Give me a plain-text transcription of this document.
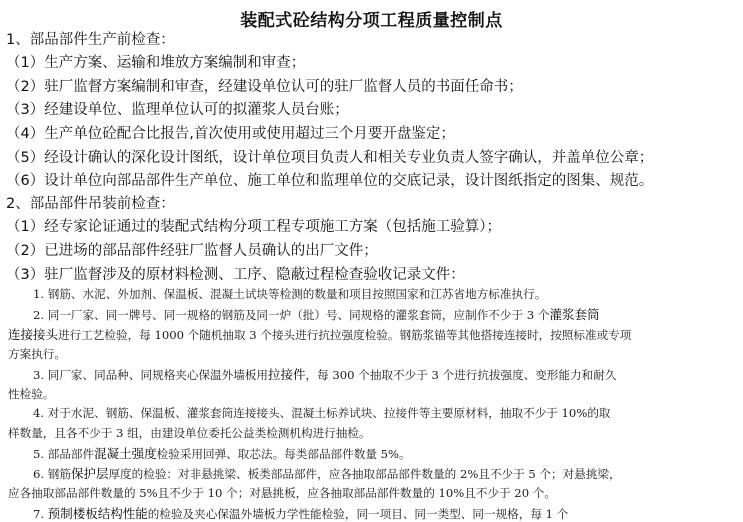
装配式砼结构分项工程质量控制点
1、部品部件生产前检查：
（1）生产方案、运输和堆放方案编制和审查；
（2）驻厂监督方案编制和审查，经建设单位认可的驻厂监督人员的书面任命书；
（3）经建设单位、监理单位认可的拟灌浆人员台账；
（4）生产单位砼配合比报告,首次使用或使用超过三个月要开盘鉴定；
（5）经设计确认的深化设计图纸，设计单位项目负责人和相关专业负责人签字确认，并盖单位公章；
（6）设计单位向部品部件生产单位、施工单位和监理单位的交底记录，设计图纸指定的图集、规范。
2、部品部件吊装前检查：
（1）经专家论证通过的装配式结构分项工程专项施工方案（包括施工验算）；
（2）已进场的部品部件经驻厂监督人员确认的出厂文件；
（3）驻厂监督涉及的原材料检测、工序、隐蔽过程检查验收记录文件：
1. 钢筋、水泥、外加剂、保温板、混凝土试块等检测的数量和项目按照国家和江苏省地方标准执行。
2. 同一厂家、同一牌号、同一规格的钢筋及同一炉（批）号、同规格的灌浆套筒，应制作不少于 3 个灌浆套筒
连接接头进行工艺检验，每 1000 个随机抽取 3 个接头进行抗拉强度检验。钢筋浆锚等其他搭接连接时，按照标准或专项
方案执行。
3. 同厂家、同品种、同规格夹心保温外墙板用拉接件，每 300 个抽取不少于 3 个进行抗拔强度、变形能力和耐久
性检验。
4. 对于水泥、钢筋、保温板、灌浆套筒连接接头、混凝土标养试块、拉接件等主要原材料，抽取不少于 10%的取
样数量，且各不少于 3 组，由建设单位委托公益类检测机构进行抽检。
5. 部品部件混凝土强度检验采用回弹、取芯法。每类部品部件数量 5%。
6. 钢筋保护层厚度的检验：对非悬挑梁、板类部品部件，应各抽取部品部件数量的 2%且不少于 5 个；对悬挑梁，
应各抽取部品部件数量的 5%且不少于 10 个；对悬挑板，应各抽取部品部件数量的 10%且不少于 20 个。
7. 预制楼板结构性能的检验及夹心保温外墙板力学性能检验，同一项目、同一类型、同一规格，每 1 个
